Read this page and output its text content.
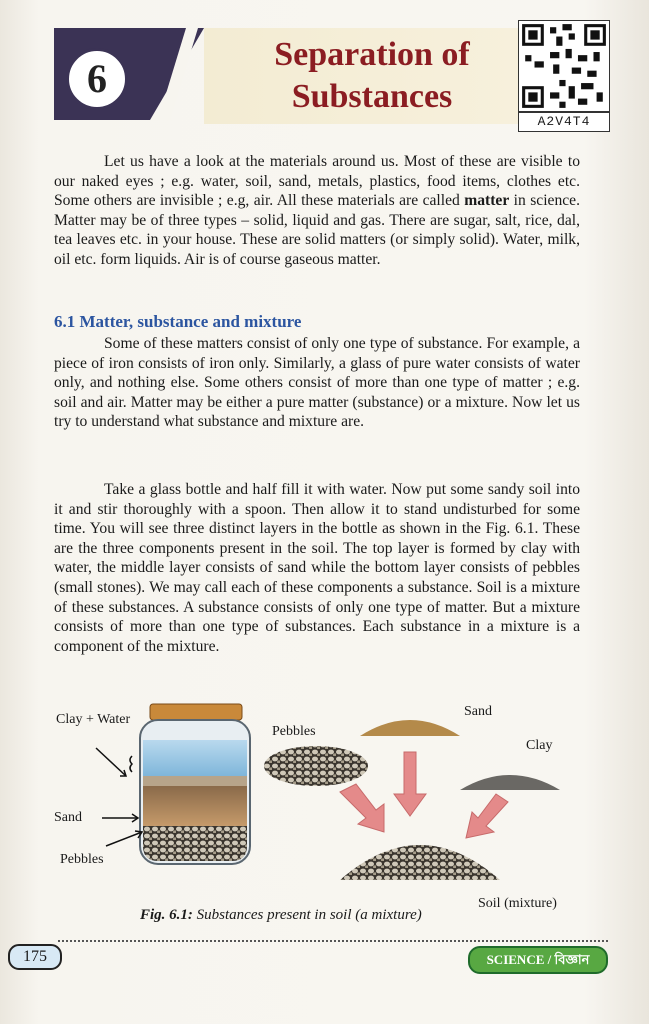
6
Separation of
Substances
A2V4T4

Let us have a look at the materials around us. Most of these are visible to our naked eyes ; e.g. water, soil, sand, metals, plastics, food items, clothes etc. Some others are invisible ; e.g, air. All these materials are called matter in science. Matter may be of three types – solid, liquid and gas. There are sugar, salt, rice, dal, tea leaves etc. in your house. These are solid matters (or simply solid). Water, milk, oil etc. form liquids. Air is of course gaseous matter.

6.1 Matter, substance and mixture

Some of these matters consist of only one type of substance. For example, a piece of iron consists of iron only. Similarly, a glass of pure water consists of water only, and nothing else. Some others consist of more than one type of matter ; e.g. soil and air. Matter may be either a pure matter (substance) or a mixture. Now let us try to understand what substance and mixture are.

Take a glass bottle and half fill it with water. Now put some sandy soil into it and stir thoroughly with a spoon. Then allow it to stand undisturbed for some time. You will see three distinct layers in the bottle as shown in the Fig. 6.1. These are the three components present in the soil. The top layer is formed by clay with water, the middle layer consists of sand while the bottom layer consists of pebbles (small stones). We may call each of these components a substance. Soil is a mixture of these substances. A substance consists of only one type of matter. But a mixture consists of more than one type of substances. Each substance in a mixture is a component of the mixture.

Clay + Water
Sand
Pebbles
Pebbles
Sand
Clay
Soil (mixture)
Fig. 6.1: Substances present in soil (a mixture)
175	SCIENCE / বিজ্ঞান
